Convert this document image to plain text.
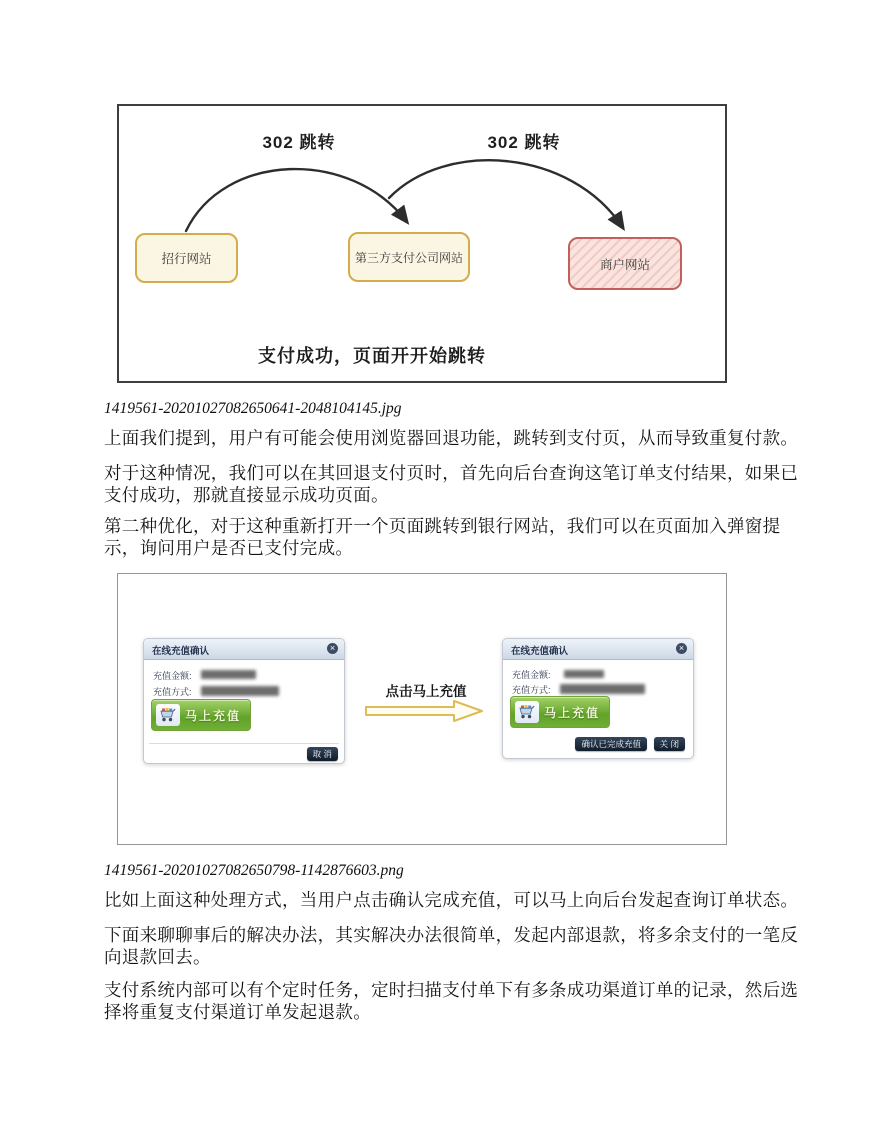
302 跳转	302 跳转
招行网站	第三方支付公司网站	商户网站
支付成功，页面开开始跳转
1419561-20201027082650641-2048104145.jpg
上面我们提到，用户有可能会使用浏览器回退功能，跳转到支付页，从而导致重复付款。
对于这种情况，我们可以在其回退支付页时，首先向后台查询这笔订单支付结果，如果已
支付成功，那就直接显示成功页面。
第二种优化，对于这种重新打开一个页面跳转到银行网站，我们可以在页面加入弹窗提
示，询问用户是否已支付完成。
在线充值确认	×
充值金额:
充值方式:
马上充值
取 消
点击马上充值
在线充值确认	×
充值金额:
充值方式:
马上充值
确认已完成充值	关 闭
1419561-20201027082650798-1142876603.png
比如上面这种处理方式，当用户点击确认完成充值，可以马上向后台发起查询订单状态。
下面来聊聊事后的解决办法，其实解决办法很简单，发起内部退款，将多余支付的一笔反
向退款回去。
支付系统内部可以有个定时任务，定时扫描支付单下有多条成功渠道订单的记录，然后选
择将重复支付渠道订单发起退款。
